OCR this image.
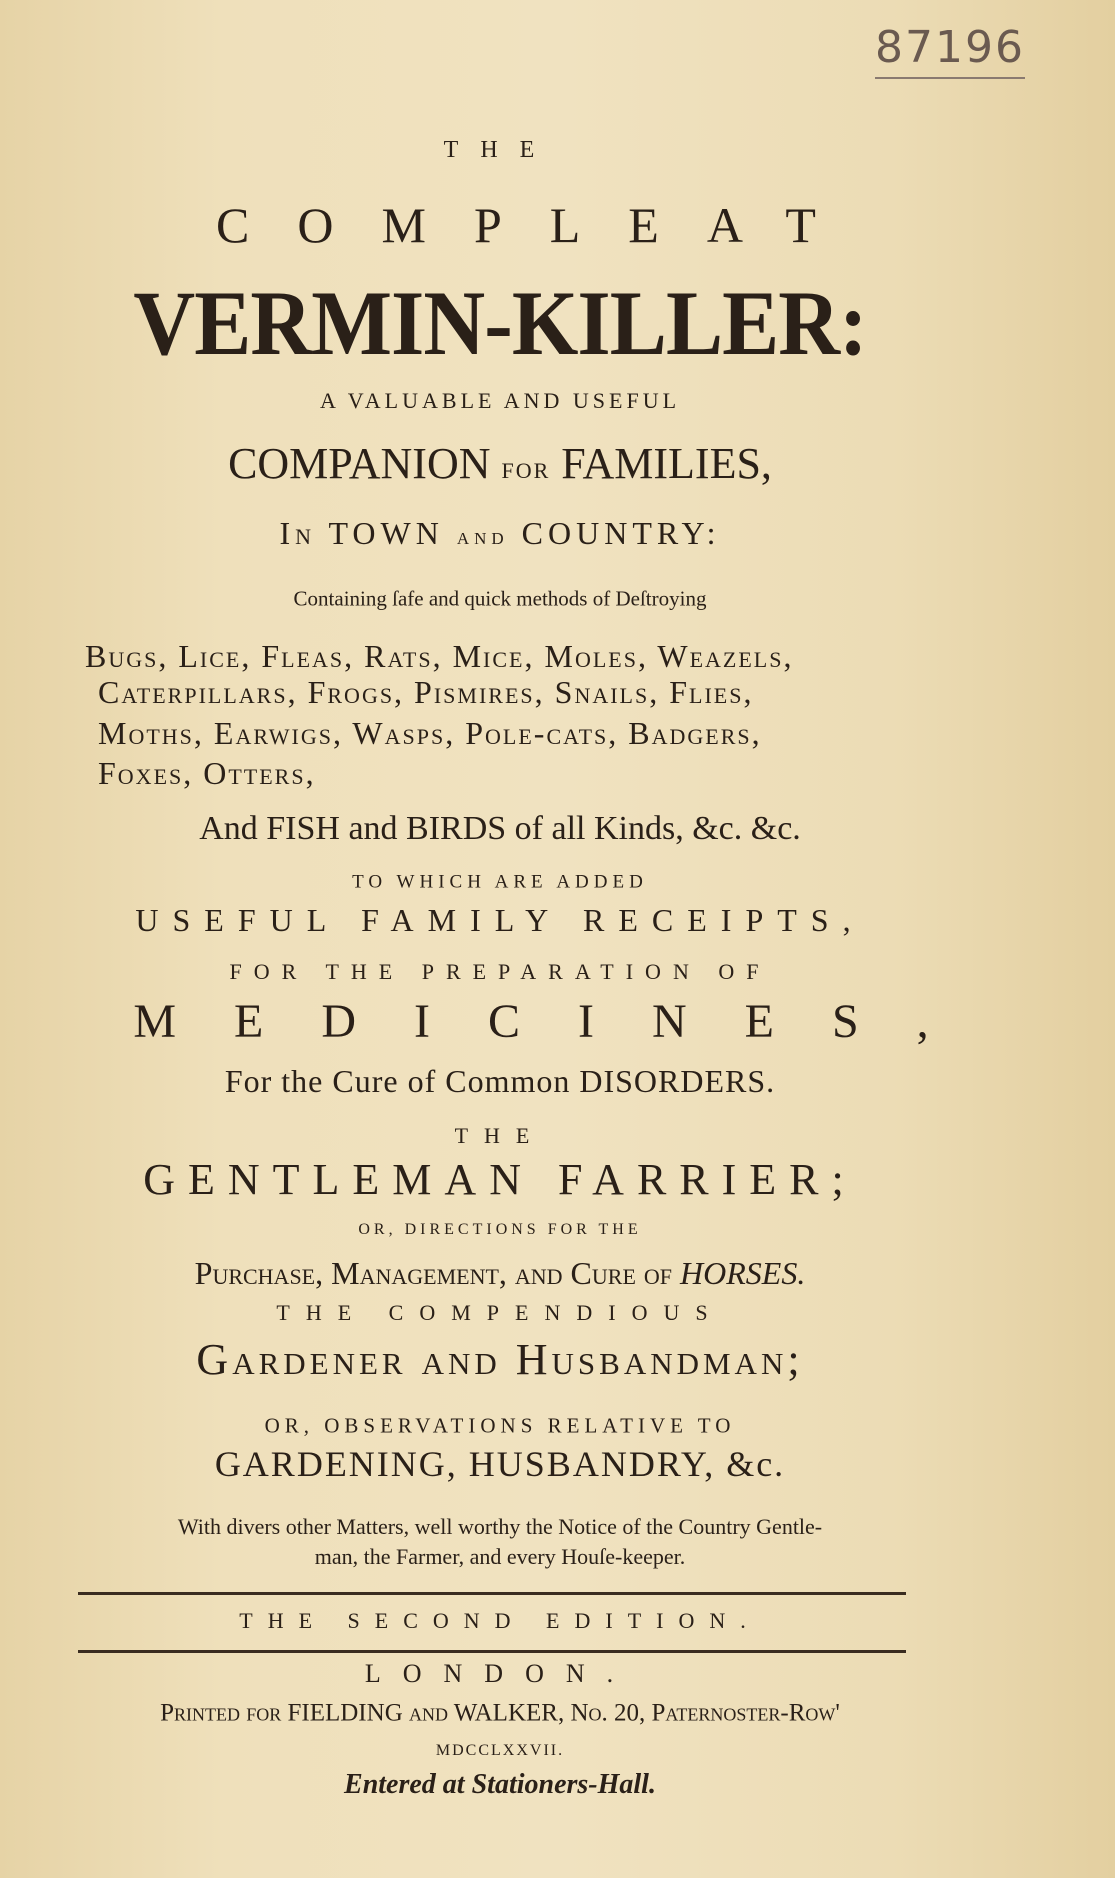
87196
THE
COMPLEAT
VERMIN-KILLER:
A VALUABLE AND USEFUL
COMPANION for FAMILIES,
In TOWN and COUNTRY:
Containing ſafe and quick methods of Deſtroying
Bugs, Lice, Fleas, Rats, Mice, Moles, Weazels,
Caterpillars, Frogs, Pismires, Snails, Flies,
Moths, Earwigs, Wasps, Pole-cats, Badgers,
Foxes, Otters,
And FISH and BIRDS of all Kinds, &c. &c.
TO WHICH ARE ADDED
USEFUL FAMILY RECEIPTS,
FOR THE PREPARATION OF
MEDICINES,
For the Cure of Common DISORDERS.
THE
GENTLEMAN FARRIER;
OR, DIRECTIONS FOR THE
Purchase, Management, and Cure of HORSES.
THE COMPENDIOUS
Gardener and Husbandman;
OR, OBSERVATIONS RELATIVE TO
GARDENING, HUSBANDRY, &c.
With divers other Matters, well worthy the Notice of the Country Gentle-
man, the Farmer, and every Houſe-keeper.
THE SECOND EDITION.
LONDON.
Printed for FIELDING and WALKER, No. 20, Paternoster-Row'
MDCCLXXVII.
Entered at Stationers-Hall.
